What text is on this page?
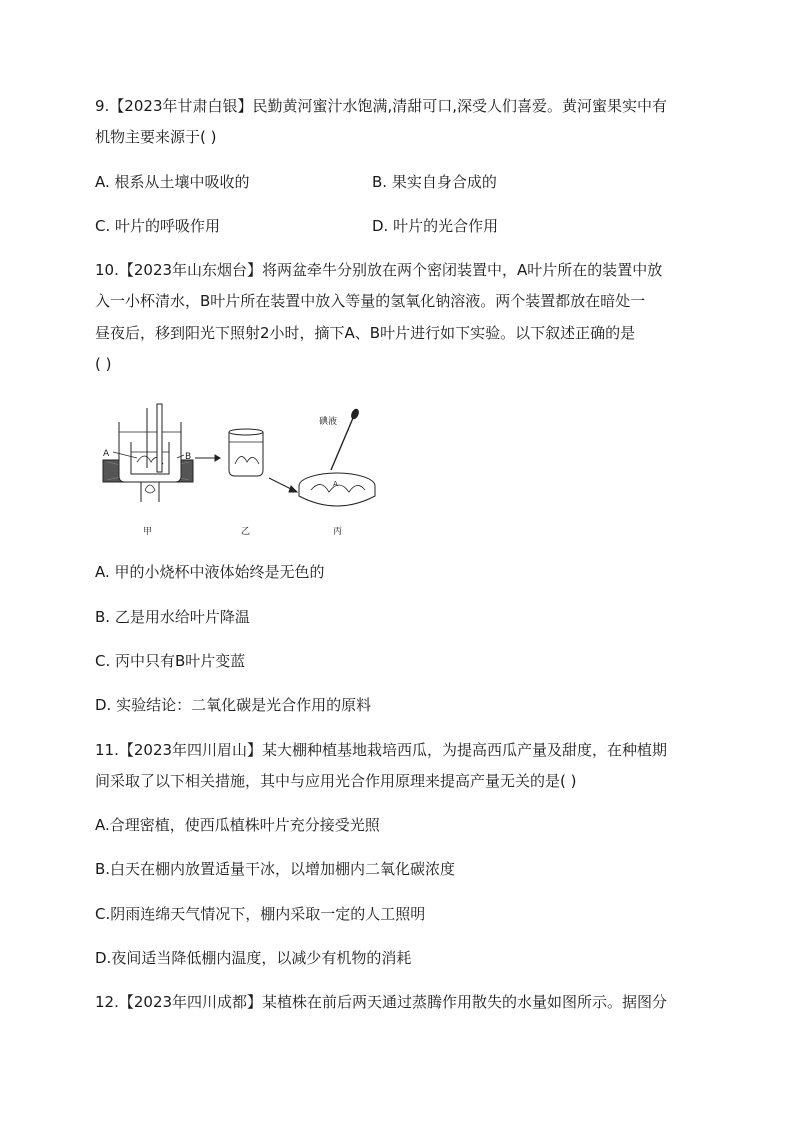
9.【2023年甘肃白银】民勤黄河蜜汁水饱满,清甜可口,深受人们喜爱。黄河蜜果实中有
机物主要来源于( )
A. 根系从土壤中吸收的	B. 果实自身合成的
C. 叶片的呼吸作用	D. 叶片的光合作用
10.【2023年山东烟台】将两盆牵牛分别放在两个密闭装置中，A叶片所在的装置中放
入一小杯清水，B叶片所在装置中放入等量的氢氧化钠溶液。两个装置都放在暗处一
昼夜后，移到阳光下照射2小时，摘下A、B叶片进行如下实验。以下叙述正确的是
( )
A	B
A
碘液
甲	乙	丙
A. 甲的小烧杯中液体始终是无色的
B. 乙是用水给叶片降温
C. 丙中只有B叶片变蓝
D. 实验结论：二氧化碳是光合作用的原料
11.【2023年四川眉山】某大棚种植基地栽培西瓜，为提高西瓜产量及甜度，在种植期
间采取了以下相关措施，其中与应用光合作用原理来提高产量无关的是( )
A.合理密植，使西瓜植株叶片充分接受光照
B.白天在棚内放置适量干冰，以增加棚内二氧化碳浓度
C.阴雨连绵天气情况下，棚内采取一定的人工照明
D.夜间适当降低棚内温度，以减少有机物的消耗
12.【2023年四川成都】某植株在前后两天通过蒸腾作用散失的水量如图所示。据图分
